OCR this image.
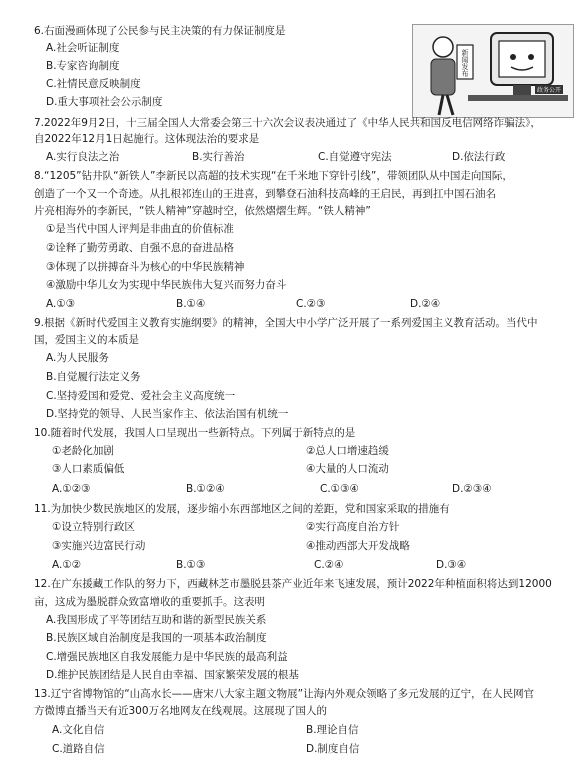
6.右面漫画体现了公民参与民主决策的有力保证制度是
A.社会听证制度
B.专家咨询制度
C.社情民意反映制度
D.重大事项社会公示制度
新闻发布
政务公开
7.2022年9月2日，十三届全国人大常委会第三十六次会议表决通过了《中华人民共和国反电信网络诈骗法》，
自2022年12月1日起施行。这体现法治的要求是
A.实行良法之治	B.实行善治	C.自觉遵守宪法	D.依法行政
8.“1205”钻井队“新铁人”李新民以高超的技术实现“在千米地下穿针引线”，带领团队从中国走向国际，
创造了一个又一个奇迹。从扎根祁连山的王进喜，到攀登石油科技高峰的王启民，再到扛中国石油名
片亮相海外的李新民，“铁人精神”穿越时空，依然熠熠生辉。“铁人精神”
①是当代中国人评判是非曲直的价值标准
②诠释了勤劳勇敢、自强不息的奋进品格
③体现了以拼搏奋斗为核心的中华民族精神
④激励中华儿女为实现中华民族伟大复兴而努力奋斗
A.①③	B.①④	C.②③	D.②④
9.根据《新时代爱国主义教育实施纲要》的精神，全国大中小学广泛开展了一系列爱国主义教育活动。当代中
国，爱国主义的本质是
A.为人民服务
B.自觉履行法定义务
C.坚持爱国和爱党、爱社会主义高度统一
D.坚持党的领导、人民当家作主、依法治国有机统一
10.随着时代发展，我国人口呈现出一些新特点。下列属于新特点的是
①老龄化加剧	②总人口增速趋缓
③人口素质偏低	④大量的人口流动
A.①②③	B.①②④	C.①③④	D.②③④
11.为加快少数民族地区的发展，逐步缩小东西部地区之间的差距，党和国家采取的措施有
①设立特别行政区	②实行高度自治方针
③实施兴边富民行动	④推动西部大开发战略
A.①②	B.①③	C.②④	D.③④
12.在广东援藏工作队的努力下，西藏林芝市墨脱县茶产业近年来飞速发展，预计2022年种植面积将达到12000
亩，这成为墨脱群众致富增收的重要抓手。这表明
A.我国形成了平等团结互助和谐的新型民族关系
B.民族区域自治制度是我国的一项基本政治制度
C.增强民族地区自我发展能力是中华民族的最高利益
D.维护民族团结是人民自由幸福、国家繁荣发展的根基
13.辽宁省博物馆的“山高水长——唐宋八大家主题文物展”让海内外观众领略了多元发展的辽宁，在人民网官
方微博直播当天有近300万名地网友在线观展。这展现了国人的
A.文化自信	B.理论自信
C.道路自信	D.制度自信
